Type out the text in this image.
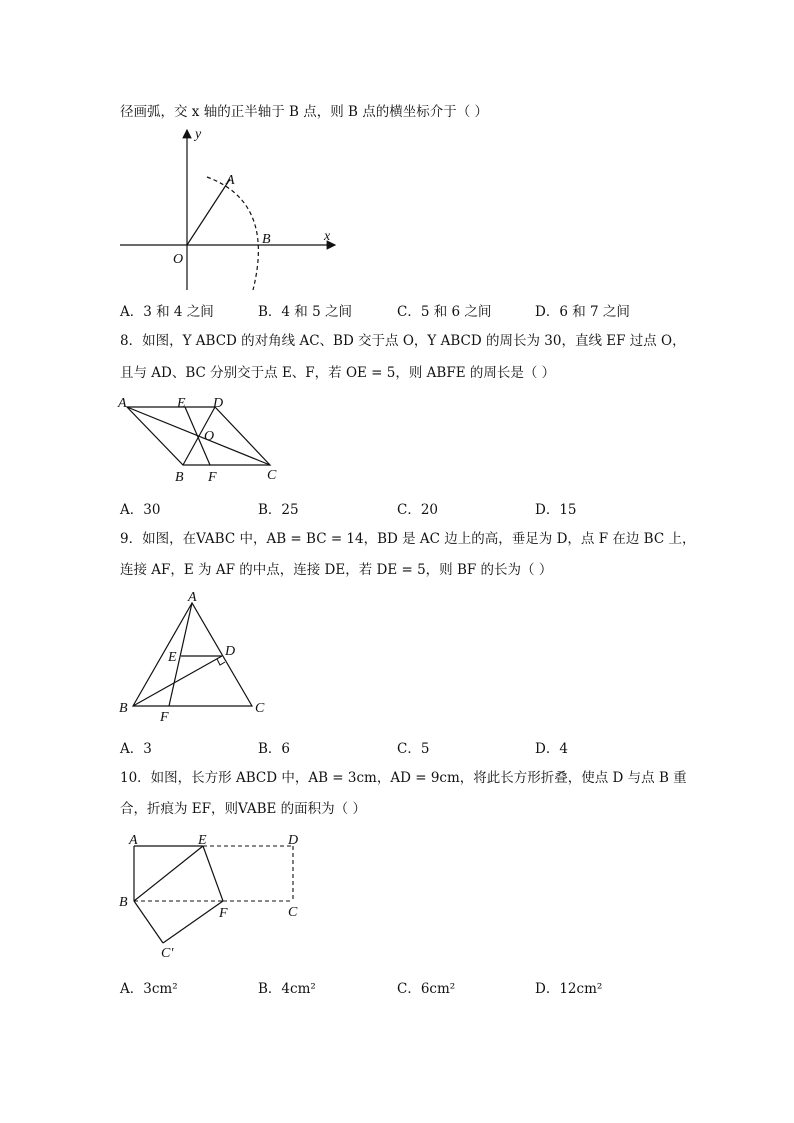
径画弧，交 x 轴的正半轴于 B 点，则 B 点的横坐标介于（ ）
y
x
A
B
O
A．3 和 4 之间	B．4 和 5 之间	C．5 和 6 之间	D．6 和 7 之间
8．如图，Y ABCD 的对角线 AC、BD 交于点 O，Y ABCD 的周长为 30，直线 EF 过点 O，
且与 AD、BC 分别交于点 E、F，若 OE = 5，则 ABFE 的周长是（ ）
A	E D
O
B F	C
A．30	B．25	C．20	D．15
9．如图，在VABC 中，AB = BC = 14，BD 是 AC 边上的高，垂足为 D，点 F 在边 BC 上，
连接 AF，E 为 AF 的中点，连接 DE，若 DE = 5，则 BF 的长为（ ）
A
D
E
B
F
C
A．3	B．6	C．5	D．4
10．如图，长方形 ABCD 中，AB = 3cm，AD = 9cm，将此长方形折叠，使点 D 与点 B 重
合，折痕为 EF，则VABE 的面积为（ ）
A	E	D
B
F	C
C′
A．3cm²	B．4cm²	C．6cm²	D．12cm²
